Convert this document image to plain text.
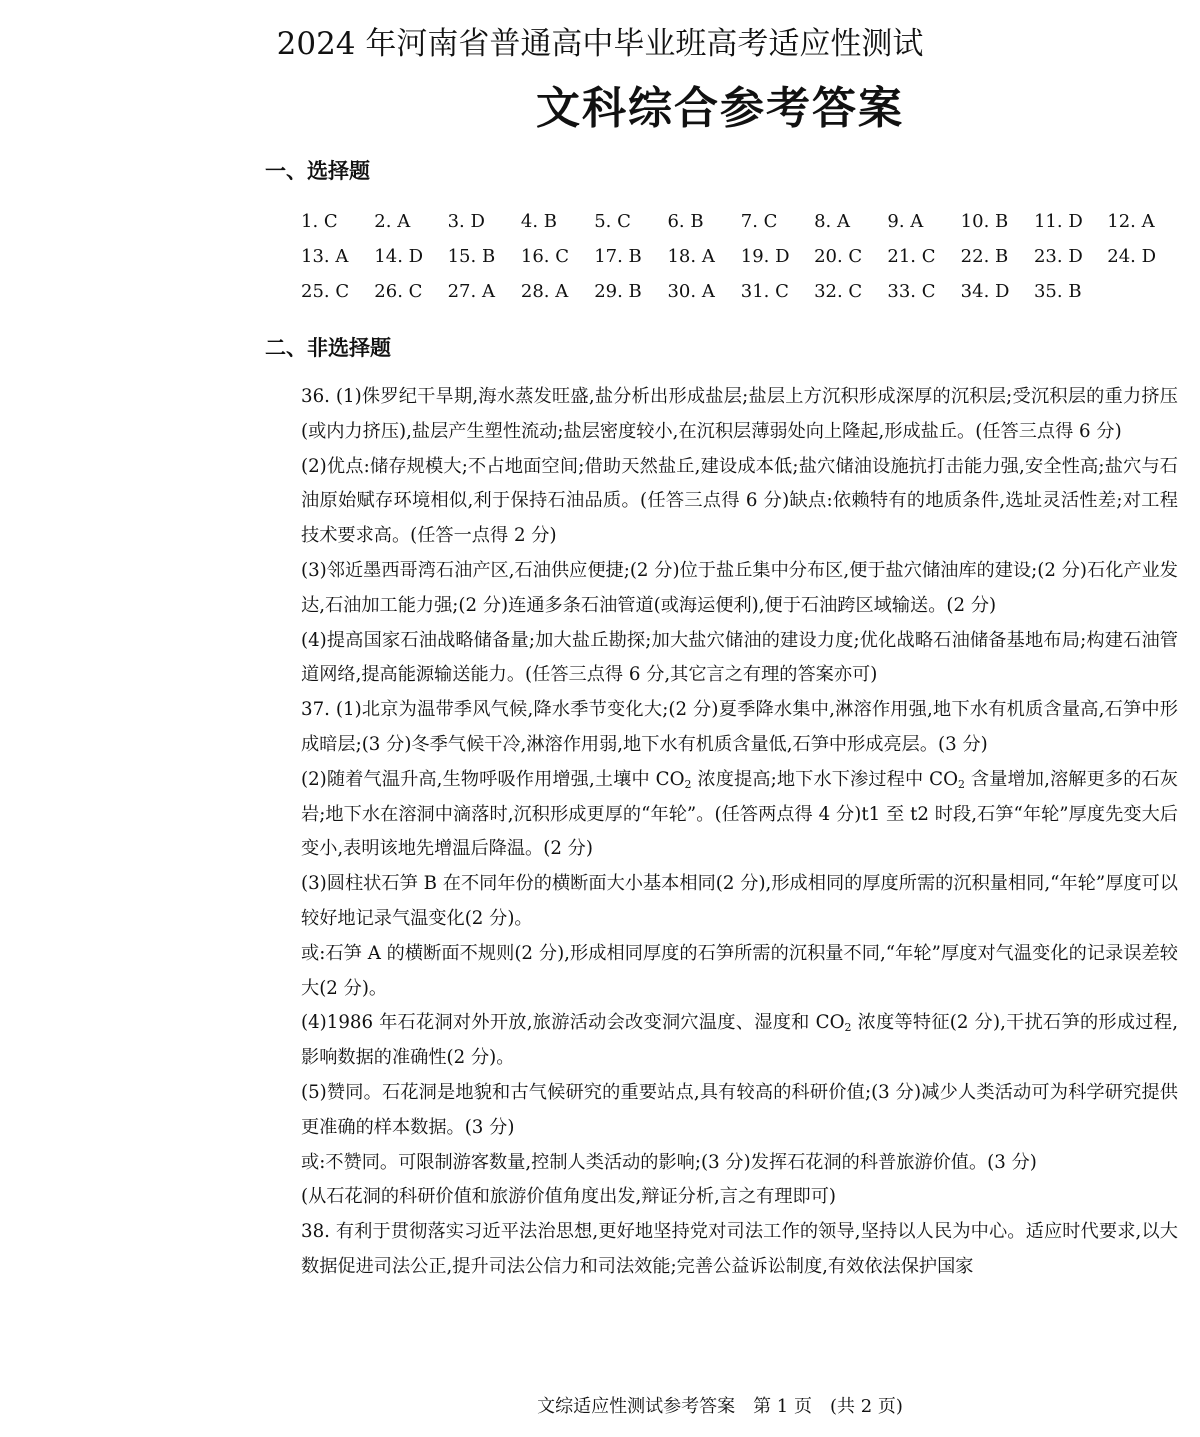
2024 年河南省普通高中毕业班高考适应性测试
文科综合参考答案
一、选择题
1. C	2. A	3. D	4. B	5. C	6. B	7. C	8. A	9. A	10. B	11. D	12. A
13. A	14. D	15. B	16. C	17. B	18. A	19. D	20. C	21. C	22. B	23. D	24. D
25. C	26. C	27. A	28. A	29. B	30. A	31. C	32. C	33. C	34. D	35. B
二、非选择题

36. (1)侏罗纪干旱期,海水蒸发旺盛,盐分析出形成盐层;盐层上方沉积形成深厚的沉积层;受沉积层的重力挤压(或内力挤压),盐层产生塑性流动;盐层密度较小,在沉积层薄弱处向上隆起,形成盐丘。(任答三点得 6 分)

(2)优点:储存规模大;不占地面空间;借助天然盐丘,建设成本低;盐穴储油设施抗打击能力强,安全性高;盐穴与石油原始赋存环境相似,利于保持石油品质。(任答三点得 6 分)缺点:依赖特有的地质条件,选址灵活性差;对工程技术要求高。(任答一点得 2 分)

(3)邻近墨西哥湾石油产区,石油供应便捷;(2 分)位于盐丘集中分布区,便于盐穴储油库的建设;(2 分)石化产业发达,石油加工能力强;(2 分)连通多条石油管道(或海运便利),便于石油跨区域输送。(2 分)

(4)提高国家石油战略储备量;加大盐丘勘探;加大盐穴储油的建设力度;优化战略石油储备基地布局;构建石油管道网络,提高能源输送能力。(任答三点得 6 分,其它言之有理的答案亦可)

37. (1)北京为温带季风气候,降水季节变化大;(2 分)夏季降水集中,淋溶作用强,地下水有机质含量高,石笋中形成暗层;(3 分)冬季气候干冷,淋溶作用弱,地下水有机质含量低,石笋中形成亮层。(3 分)

(2)随着气温升高,生物呼吸作用增强,土壤中 $CO_2$ 浓度提高;地下水下渗过程中 $CO_2$ 含量增加,溶解更多的石灰岩;地下水在溶洞中滴落时,沉积形成更厚的“年轮”。(任答两点得 4 分)t1 至 t2 时段,石笋“年轮”厚度先变大后变小,表明该地先增温后降温。(2 分)

(3)圆柱状石笋 B 在不同年份的横断面大小基本相同(2 分),形成相同的厚度所需的沉积量相同,“年轮”厚度可以较好地记录气温变化(2 分)。

或:石笋 A 的横断面不规则(2 分),形成相同厚度的石笋所需的沉积量不同,“年轮”厚度对气温变化的记录误差较大(2 分)。

(4)1986 年石花洞对外开放,旅游活动会改变洞穴温度、湿度和 $CO_2$ 浓度等特征(2 分),干扰石笋的形成过程,影响数据的准确性(2 分)。

(5)赞同。石花洞是地貌和古气候研究的重要站点,具有较高的科研价值;(3 分)减少人类活动可为科学研究提供更准确的样本数据。(3 分)

或:不赞同。可限制游客数量,控制人类活动的影响;(3 分)发挥石花洞的科普旅游价值。(3 分)

(从石花洞的科研价值和旅游价值角度出发,辩证分析,言之有理即可)

38. 有利于贯彻落实习近平法治思想,更好地坚持党对司法工作的领导,坚持以人民为中心。适应时代要求,以大数据促进司法公正,提升司法公信力和司法效能;完善公益诉讼制度,有效依法保护国家

文综适应性测试参考答案　第 1 页　(共 2 页)
